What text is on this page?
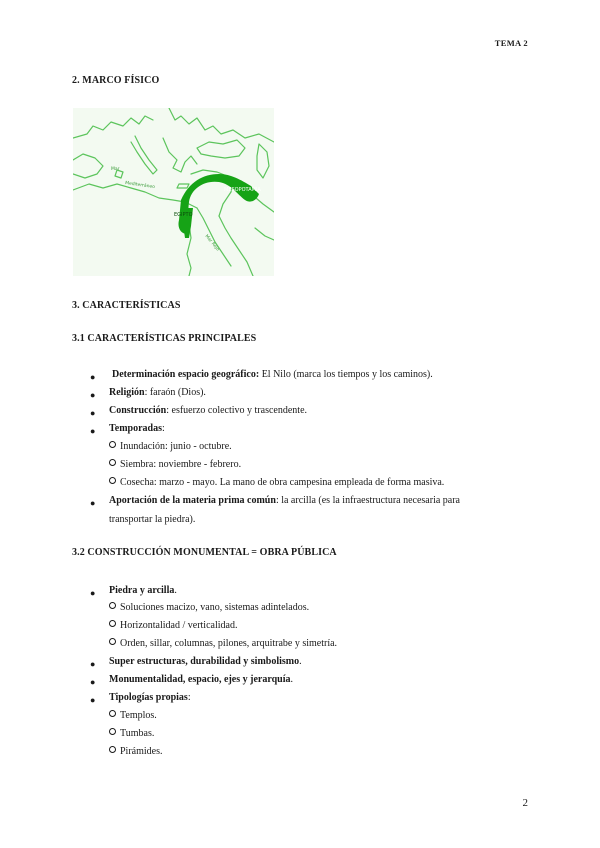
TEMA 2
2. MARCO FÍSICO
MESOPOTAMIA
EGIPTO
Mar
Mediterráneo
Mar Rojo
3. CARACTERÍSTICAS
3.1 CARACTERÍSTICAS PRINCIPALES
● Determinación espacio geográfico: El Nilo (marca los tiempos y los caminos).
● Religión: faraón (Dios).
● Construcción: esfuerzo colectivo y trascendente.
● Temporadas:
Inundación: junio - octubre.
Siembra: noviembre - febrero.
Cosecha: marzo - mayo. La mano de obra campesina empleada de forma masiva.
● Aportación de la materia prima común: la arcilla (es la infraestructura necesaria para
transportar la piedra).
3.2 CONSTRUCCIÓN MONUMENTAL = OBRA PÚBLICA
● Piedra y arcilla.
Soluciones macizo, vano, sistemas adintelados.
Horizontalidad / verticalidad.
Orden, sillar, columnas, pilones, arquitrabe y simetría.
● Super estructuras, durabilidad y simbolismo.
● Monumentalidad, espacio, ejes y jerarquía.
● Tipologías propias:
Templos.
Tumbas.
Pirámides.
2
